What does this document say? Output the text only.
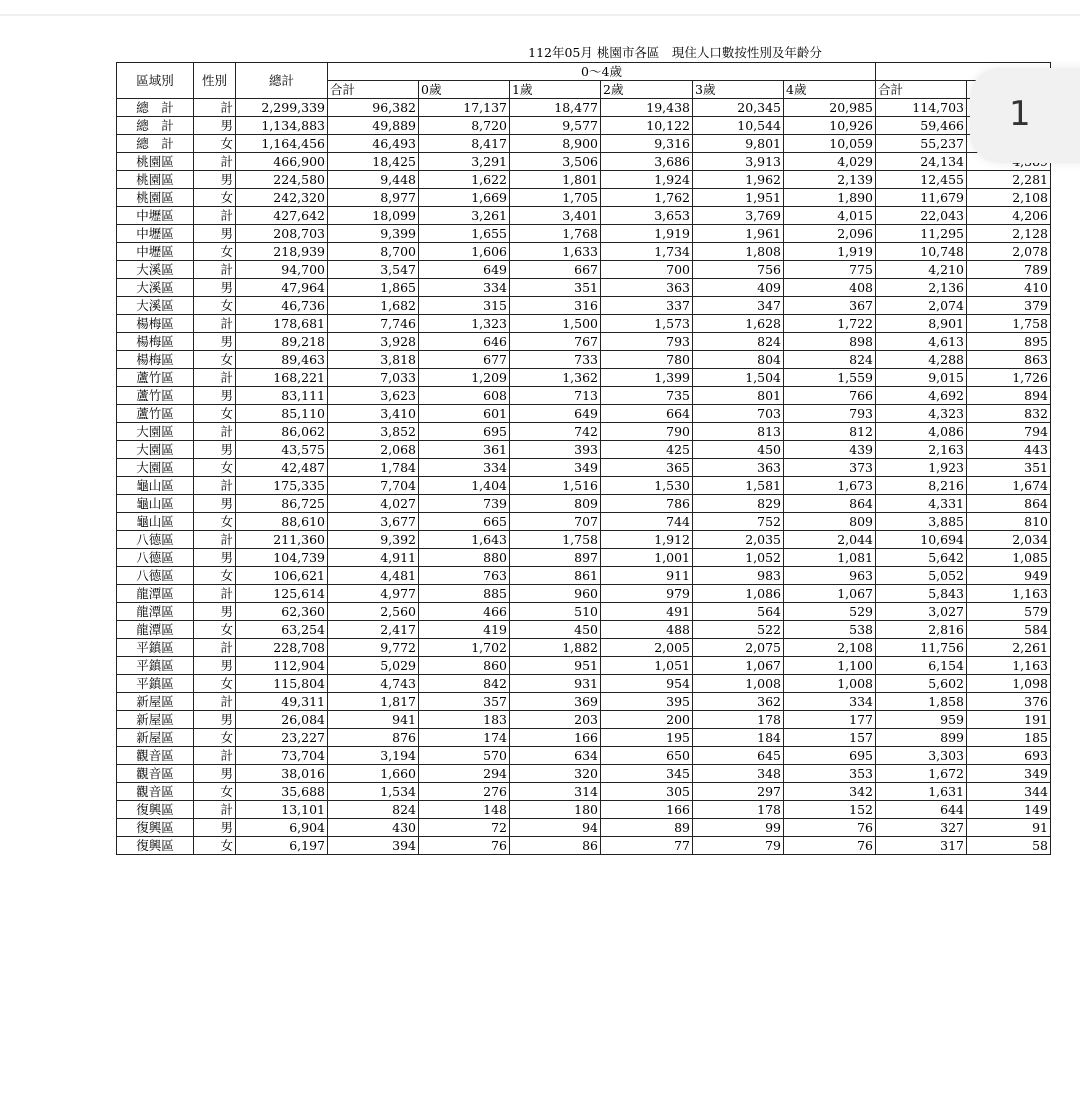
112年05月 桃園市各區　現住人口數按性別及年齡分
區域別	性別	總計	0～4歲							
			合計	0歲	1歲	2歲	3歲	4歲	合計	
總　計	計	2,299,339	96,382	17,137	18,477	19,438	20,345	20,985	114,703	
總　計	男	1,134,883	49,889	8,720	9,577	10,122	10,544	10,926	59,466	
總　計	女	1,164,456	46,493	8,417	8,900	9,316	9,801	10,059	55,237	
桃園區	計	466,900	18,425	3,291	3,506	3,686	3,913	4,029	24,134	
桃園區	男	224,580	9,448	1,622	1,801	1,924	1,962	2,139	12,455	2,281
桃園區	女	242,320	8,977	1,669	1,705	1,762	1,951	1,890	11,679	2,108
中壢區	計	427,642	18,099	3,261	3,401	3,653	3,769	4,015	22,043	4,206
中壢區	男	208,703	9,399	1,655	1,768	1,919	1,961	2,096	11,295	2,128
中壢區	女	218,939	8,700	1,606	1,633	1,734	1,808	1,919	10,748	2,078
大溪區	計	94,700	3,547	649	667	700	756	775	4,210	789
大溪區	男	47,964	1,865	334	351	363	409	408	2,136	410
大溪區	女	46,736	1,682	315	316	337	347	367	2,074	379
楊梅區	計	178,681	7,746	1,323	1,500	1,573	1,628	1,722	8,901	1,758
楊梅區	男	89,218	3,928	646	767	793	824	898	4,613	895
楊梅區	女	89,463	3,818	677	733	780	804	824	4,288	863
蘆竹區	計	168,221	7,033	1,209	1,362	1,399	1,504	1,559	9,015	1,726
蘆竹區	男	83,111	3,623	608	713	735	801	766	4,692	894
蘆竹區	女	85,110	3,410	601	649	664	703	793	4,323	832
大園區	計	86,062	3,852	695	742	790	813	812	4,086	794
大園區	男	43,575	2,068	361	393	425	450	439	2,163	443
大園區	女	42,487	1,784	334	349	365	363	373	1,923	351
龜山區	計	175,335	7,704	1,404	1,516	1,530	1,581	1,673	8,216	1,674
龜山區	男	86,725	4,027	739	809	786	829	864	4,331	864
龜山區	女	88,610	3,677	665	707	744	752	809	3,885	810
八德區	計	211,360	9,392	1,643	1,758	1,912	2,035	2,044	10,694	2,034
八德區	男	104,739	4,911	880	897	1,001	1,052	1,081	5,642	1,085
八德區	女	106,621	4,481	763	861	911	983	963	5,052	949
龍潭區	計	125,614	4,977	885	960	979	1,086	1,067	5,843	1,163
龍潭區	男	62,360	2,560	466	510	491	564	529	3,027	579
龍潭區	女	63,254	2,417	419	450	488	522	538	2,816	584
平鎮區	計	228,708	9,772	1,702	1,882	2,005	2,075	2,108	11,756	2,261
平鎮區	男	112,904	5,029	860	951	1,051	1,067	1,100	6,154	1,163
平鎮區	女	115,804	4,743	842	931	954	1,008	1,008	5,602	1,098
新屋區	計	49,311	1,817	357	369	395	362	334	1,858	376
新屋區	男	26,084	941	183	203	200	178	177	959	191
新屋區	女	23,227	876	174	166	195	184	157	899	185
觀音區	計	73,704	3,194	570	634	650	645	695	3,303	693
觀音區	男	38,016	1,660	294	320	345	348	353	1,672	349
觀音區	女	35,688	1,534	276	314	305	297	342	1,631	344
復興區	計	13,101	824	148	180	166	178	152	644	149
復興區	男	6,904	430	72	94	89	99	76	327	91
復興區	女	6,197	394	76	86	77	79	76	317	58
1
